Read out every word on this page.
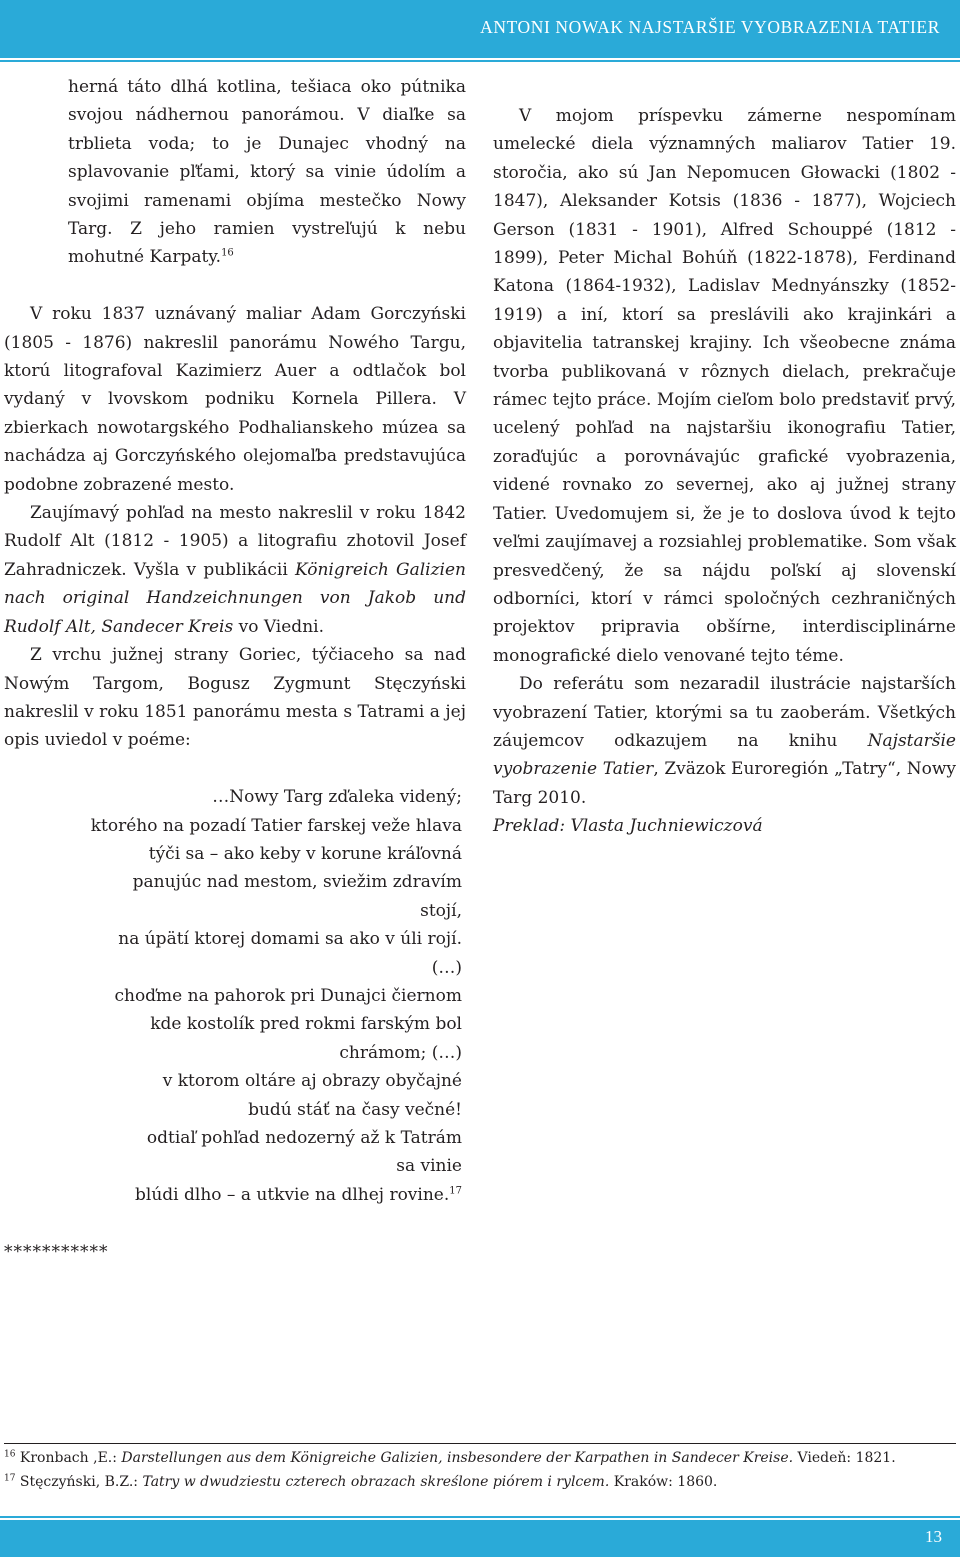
ANTONI NOWAK NAJSTARŠIE VYOBRAZENIA TATIER

herná táto dlhá kotlina, tešiaca oko pútnika svojou nádhernou panorámou. V diaľke sa trblieta voda; to je Dunajec vhodný na splavovanie pľťami, ktorý sa vinie údolím a svojimi ramenami objíma mestečko Nowy Targ. Z jeho ramien vystreľujú k nebu mohutné Karpaty.$^{16}$

V roku 1837 uznávaný maliar Adam Gorczyński (1805 - 1876) nakreslil panorámu Nowého Targu, ktorú litografoval Kazimierz Auer a odtlačok bol vydaný v lvovskom podniku Kornela Pillera. V zbierkach nowotargského Podhalianskeho múzea sa nachádza aj Gorczyńského olejomaľba predstavujúca podobne zobrazené mesto.

Zaujímavý pohľad na mesto nakreslil v roku 1842 Rudolf Alt (1812 - 1905) a litografiu zhotovil Josef Zahradniczek. Vyšla v publikácii Königreich Galizien nach original Handzeichnungen von Jakob und Rudolf Alt, Sandecer Kreis vo Viedni.

Z vrchu južnej strany Goriec, týčiaceho sa nad Nowým Targom, Bogusz Zygmunt Stęczyński nakreslil v roku 1851 panorámu mesta s Tatrami a jej opis uviedol v poéme:

…Nowy Targ zďaleka videný;

ktorého na pozadí Tatier farskej veže hlava

týči sa – ako keby v korune kráľovná

panujúc nad mestom, sviežim zdravím

stojí,

na úpätí ktorej domami sa ako v úli rojí.

(…)

choďme na pahorok pri Dunajci čiernom

kde kostolík pred rokmi farským bol

chrámom; (…)

v ktorom oltáre aj obrazy obyčajné

budú stáť na časy večné!

odtiaľ pohľad nedozerný až k Tatrám

sa vinie

blúdi dlho – a utkvie na dlhej rovine.$^{17}$

***********

V mojom príspevku zámerne nespomínam umelecké diela významných maliarov Tatier 19. storočia, ako sú Jan Nepomucen Głowacki (1802 - 1847), Aleksander Kotsis (1836 - 1877), Wojciech Gerson (1831 - 1901), Alfred Schouppé (1812 - 1899), Peter Michal Bohúň (1822-1878), Ferdinand Katona (1864-1932), Ladislav Mednyánszky (1852-1919) a iní, ktorí sa preslávili ako krajinkári a objavitelia tatranskej krajiny. Ich všeobecne známa tvorba publikovaná v rôznych dielach, prekračuje rámec tejto práce. Mojím cieľom bolo predstaviť prvý, ucelený pohľad na najstaršiu ikonografiu Tatier, zoraďujúc a porovnávajúc grafické vyobrazenia, videné rovnako zo severnej, ako aj južnej strany Tatier. Uvedomujem si, že je to doslova úvod k tejto veľmi zaujímavej a rozsiahlej problematike. Som však presvedčený, že sa nájdu poľskí aj slovenskí odborníci, ktorí v rámci spoločných cezhraničných projektov pripravia obšírne, interdisciplinárne monografické dielo venované tejto téme.

Do referátu som nezaradil ilustrácie najstarších vyobrazení Tatier, ktorými sa tu zaoberám. Všetkých záujemcov odkazujem na knihu Najstaršie vyobrazenie Tatier, Zväzok Euroregión „Tatry“, Nowy Targ 2010.

Preklad: Vlasta Juchniewiczová

$^{16}$ Kronbach ,E.: Darstellungen aus dem Königreiche Galizien, insbesondere der Karpathen in Sandecer Kreise. Viedeň: 1821.

$^{17}$ Stęczyński, B.Z.: Tatry w dwudziestu czterech obrazach skreślone piórem i rylcem. Kraków: 1860.

13
